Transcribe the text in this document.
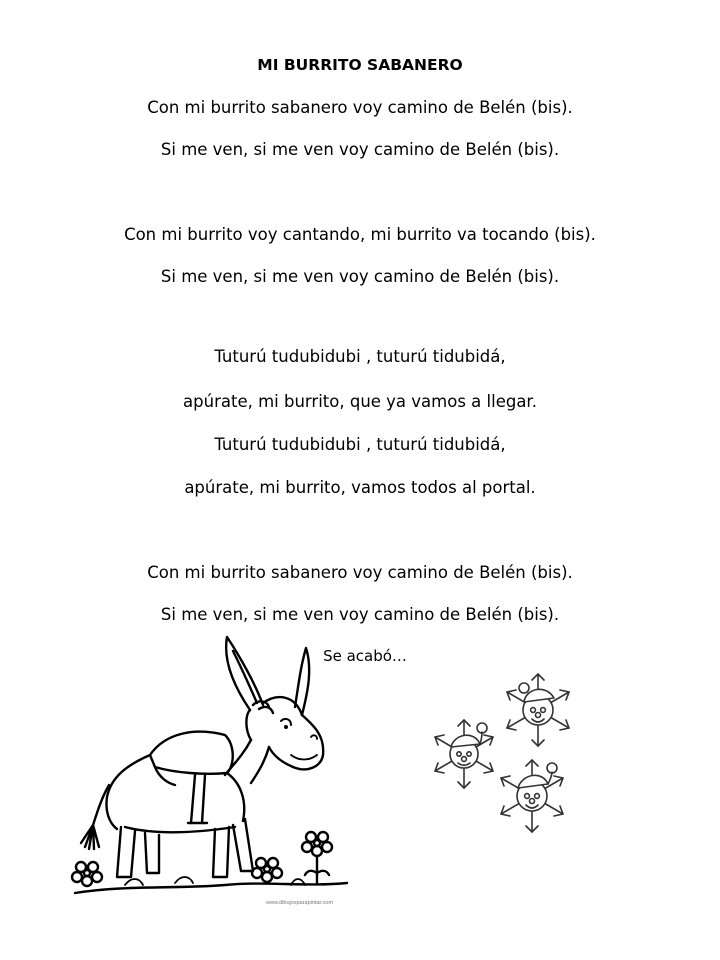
MI BURRITO SABANERO
Con mi burrito sabanero voy camino de Belén (bis).
Si me ven, si me ven voy camino de Belén (bis).
Con mi burrito voy cantando, mi burrito va tocando (bis).
Si me ven, si me ven voy camino de Belén (bis).
Tuturú tudubidubi , tuturú tidubidá,
apúrate, mi burrito, que ya vamos a llegar.
Tuturú tudubidubi , tuturú tidubidá,
apúrate, mi burrito, vamos todos al portal.
Con mi burrito sabanero voy camino de Belén (bis).
Si me ven, si me ven voy camino de Belén (bis).
Se acabó…
www.dibujosparapintar.com
